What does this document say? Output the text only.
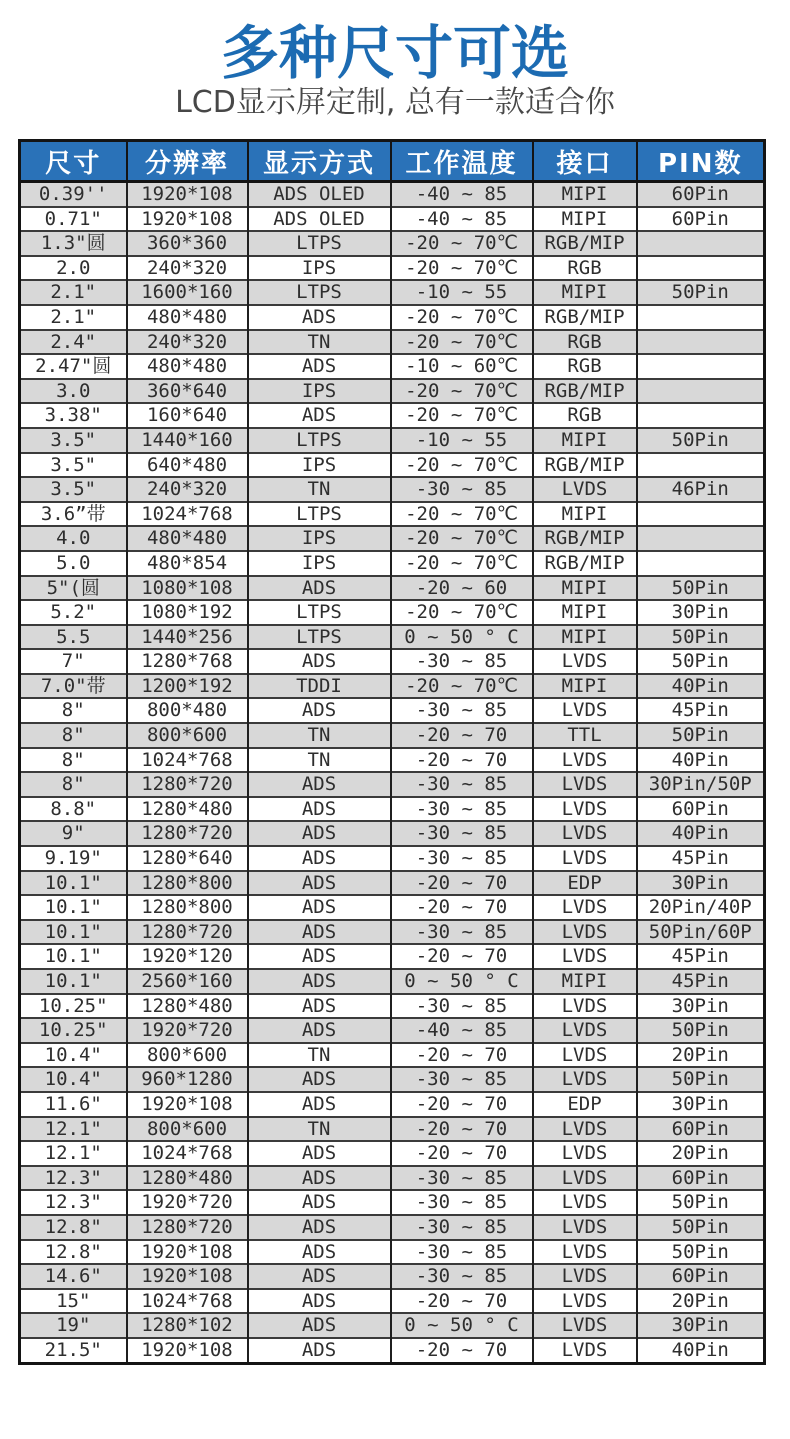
多种尺寸可选

LCD显示屏定制, 总有一款适合你

尺寸	分辨率	显示方式	工作温度	接口	PIN数
0.39''	1920*108	ADS OLED	-40 ~ 85	MIPI	60Pin
0.71"	1920*108	ADS OLED	-40 ~ 85	MIPI	60Pin
1.3"圆	360*360	LTPS	-20 ~ 70℃	RGB/MIP	
2.0	240*320	IPS	-20 ~ 70℃	RGB	
2.1"	1600*160	LTPS	-10 ~ 55	MIPI	50Pin
2.1"	480*480	ADS	-20 ~ 70℃	RGB/MIP	
2.4"	240*320	TN	-20 ~ 70℃	RGB	
2.47"圆	480*480	ADS	-10 ~ 60℃	RGB	
3.0	360*640	IPS	-20 ~ 70℃	RGB/MIP	
3.38"	160*640	ADS	-20 ~ 70℃	RGB	
3.5"	1440*160	LTPS	-10 ~ 55	MIPI	50Pin
3.5"	640*480	IPS	-20 ~ 70℃	RGB/MIP	
3.5"	240*320	TN	-30 ~ 85	LVDS	46Pin
3.6”带	1024*768	LTPS	-20 ~ 70℃	MIPI	
4.0	480*480	IPS	-20 ~ 70℃	RGB/MIP	
5.0	480*854	IPS	-20 ~ 70℃	RGB/MIP	
5"(圆	1080*108	ADS	-20 ~ 60	MIPI	50Pin
5.2"	1080*192	LTPS	-20 ~ 70℃	MIPI	30Pin
5.5	1440*256	LTPS	0 ~ 50 ° C	MIPI	50Pin
7"	1280*768	ADS	-30 ~ 85	LVDS	50Pin
7.0"带	1200*192	TDDI	-20 ~ 70℃	MIPI	40Pin
8"	800*480	ADS	-30 ~ 85	LVDS	45Pin
8"	800*600	TN	-20 ~ 70	TTL	50Pin
8"	1024*768	TN	-20 ~ 70	LVDS	40Pin
8"	1280*720	ADS	-30 ~ 85	LVDS	30Pin/50P
8.8"	1280*480	ADS	-30 ~ 85	LVDS	60Pin
9"	1280*720	ADS	-30 ~ 85	LVDS	40Pin
9.19"	1280*640	ADS	-30 ~ 85	LVDS	45Pin
10.1"	1280*800	ADS	-20 ~ 70	EDP	30Pin
10.1"	1280*800	ADS	-20 ~ 70	LVDS	20Pin/40P
10.1"	1280*720	ADS	-30 ~ 85	LVDS	50Pin/60P
10.1"	1920*120	ADS	-20 ~ 70	LVDS	45Pin
10.1"	2560*160	ADS	0 ~ 50 ° C	MIPI	45Pin
10.25"	1280*480	ADS	-30 ~ 85	LVDS	30Pin
10.25"	1920*720	ADS	-40 ~ 85	LVDS	50Pin
10.4"	800*600	TN	-20 ~ 70	LVDS	20Pin
10.4"	960*1280	ADS	-30 ~ 85	LVDS	50Pin
11.6"	1920*108	ADS	-20 ~ 70	EDP	30Pin
12.1"	800*600	TN	-20 ~ 70	LVDS	60Pin
12.1"	1024*768	ADS	-20 ~ 70	LVDS	20Pin
12.3"	1280*480	ADS	-30 ~ 85	LVDS	60Pin
12.3"	1920*720	ADS	-30 ~ 85	LVDS	50Pin
12.8"	1280*720	ADS	-30 ~ 85	LVDS	50Pin
12.8"	1920*108	ADS	-30 ~ 85	LVDS	50Pin
14.6"	1920*108	ADS	-30 ~ 85	LVDS	60Pin
15"	1024*768	ADS	-20 ~ 70	LVDS	20Pin
19"	1280*102	ADS	0 ~ 50 ° C	LVDS	30Pin
21.5"	1920*108	ADS	-20 ~ 70	LVDS	40Pin
